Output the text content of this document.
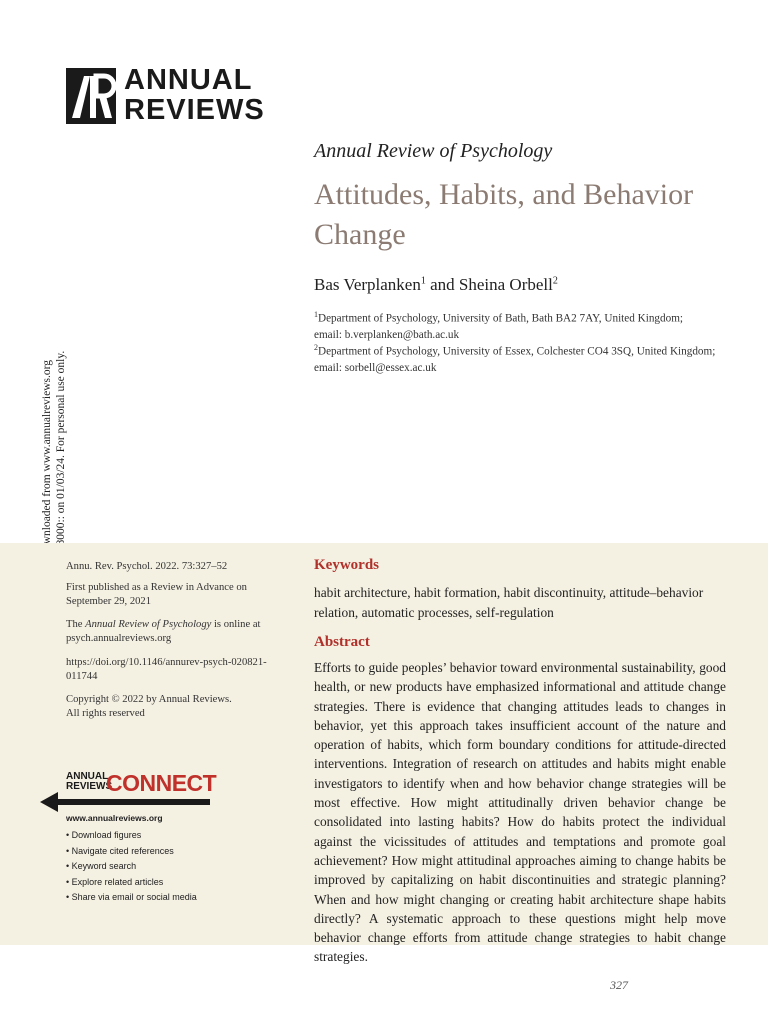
ANNUAL
REVIEWS
Annual Review of Psychology
Attitudes, Habits, and Behavior Change
Bas Verplanken$^1$ and Sheina Orbell$^2$
$^1$Department of Psychology, University of Bath, Bath BA2 7AY, United Kingdom;
email: b.verplanken@bath.ac.uk
$^2$Department of Psychology, University of Essex, Colchester CO4 3SQ, United Kingdom;
email: sorbell@essex.ac.uk
Annu. Rev. Psychol. 2022. 73:327–52
First published as a Review in Advance on September 29, 2021
The Annual Review of Psychology is online at psych.annualreviews.org
https://doi.org/10.1146/annurev-psych-020821-011744
Copyright © 2022 by Annual Reviews.
All rights reserved
ANNUAL
REVIEWS
CONNECT
www.annualreviews.org
• Download figures
• Navigate cited references
• Keyword search
• Explore related articles
• Share via email or social media
Keywords
habit architecture, habit formation, habit discontinuity, attitude–behavior relation, automatic processes, self-regulation
Abstract
Efforts to guide peoples’ behavior toward environmental sustainability, good health, or new products have emphasized informational and attitude change strategies. There is evidence that changing attitudes leads to changes in behavior, yet this approach takes insufficient account of the nature and operation of habits, which form boundary conditions for attitude-directed interventions. Integration of research on attitudes and habits might enable investigators to identify when and how behavior change strategies will be most effective. How might attitudinally driven behavior change be consolidated into lasting habits? How do habits protect the individual against the vicissitudes of attitudes and temptations and promote goal achievement? How might attitudinal approaches aiming to change habits be improved by capitalizing on habit discontinuities and strategic planning? When and how might changing or creating habit architecture shape habits directly? A systematic approach to these questions might help move behavior change efforts from attitude change strategies to habit change strategies.
327
